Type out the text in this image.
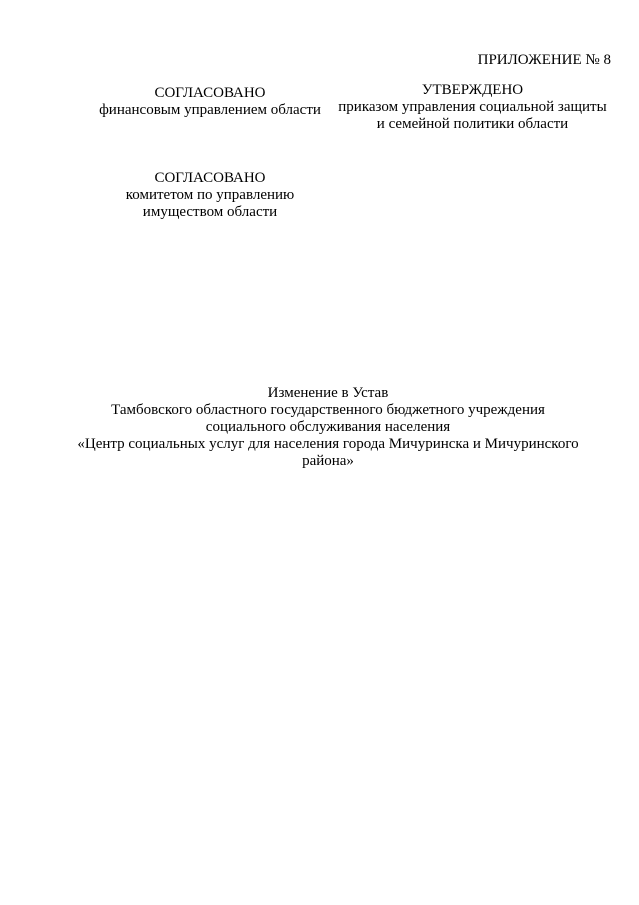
ПРИЛОЖЕНИЕ № 8
СОГЛАСОВАНО
финансовым управлением области
УТВЕРЖДЕНО
приказом управления социальной защиты
и семейной политики области
СОГЛАСОВАНО
комитетом по управлению
имуществом области
Изменение в Устав
Тамбовского областного государственного бюджетного учреждения
социального обслуживания населения
«Центр социальных услуг для населения города Мичуринска и Мичуринского
района»
